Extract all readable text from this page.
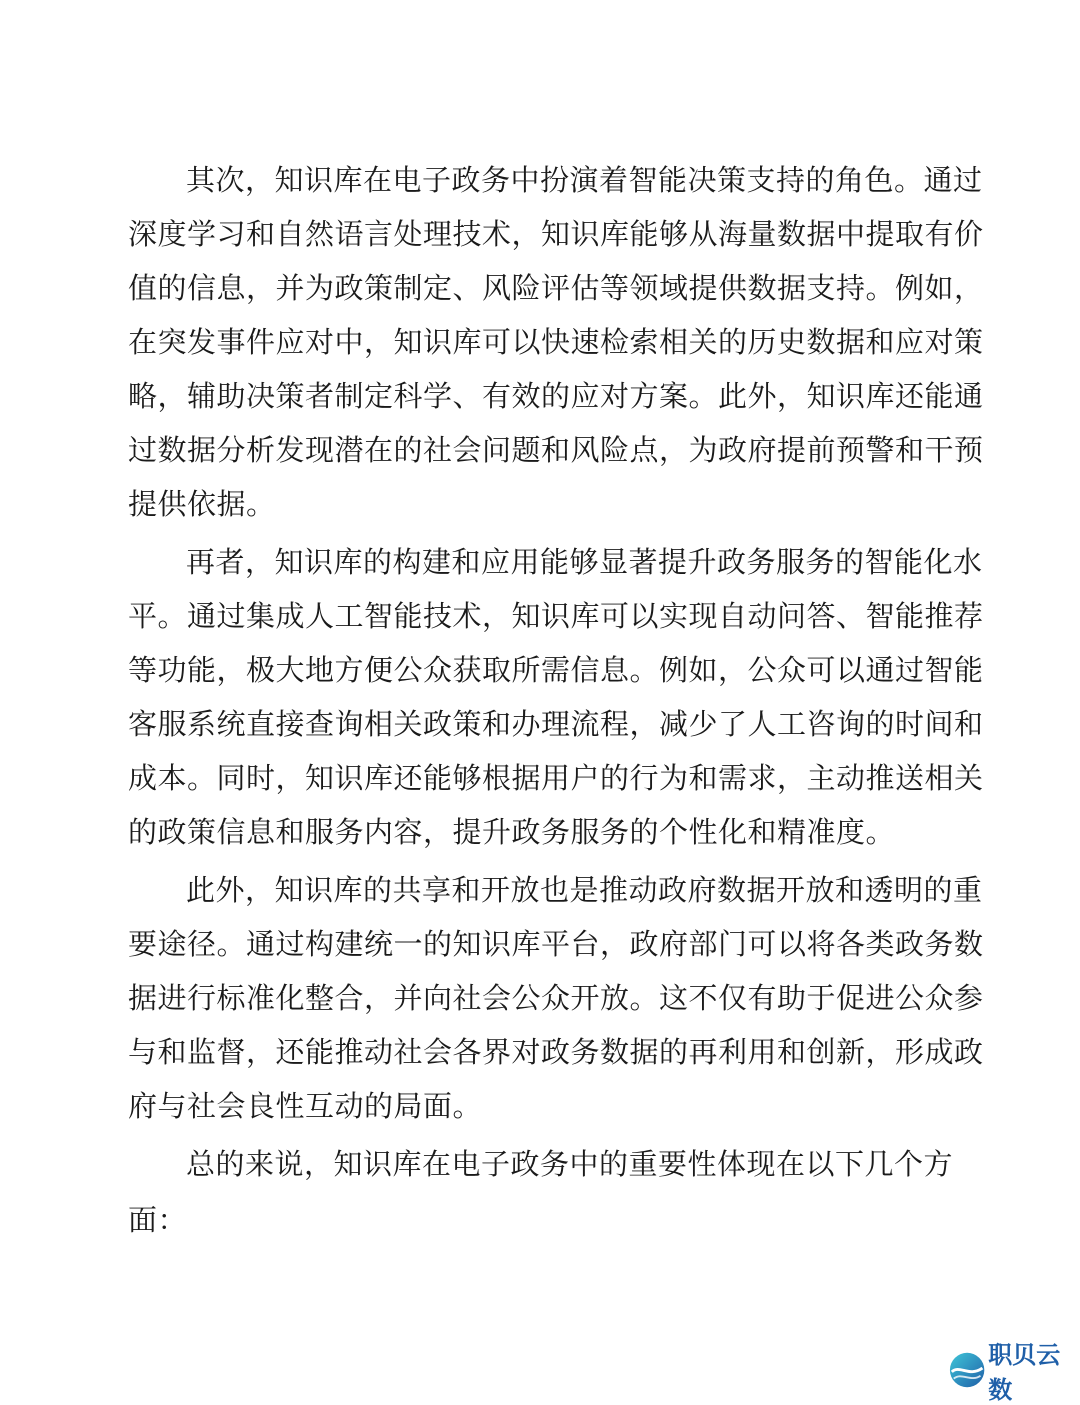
其次，知识库在电子政务中扮演着智能决策支持的角色。通过
深度学习和自然语言处理技术，知识库能够从海量数据中提取有价
值的信息，并为政策制定、风险评估等领域提供数据支持。例如，
在突发事件应对中，知识库可以快速检索相关的历史数据和应对策
略，辅助决策者制定科学、有效的应对方案。此外，知识库还能通
过数据分析发现潜在的社会问题和风险点，为政府提前预警和干预
提供依据。
再者，知识库的构建和应用能够显著提升政务服务的智能化水
平。通过集成人工智能技术，知识库可以实现自动问答、智能推荐
等功能，极大地方便公众获取所需信息。例如，公众可以通过智能
客服系统直接查询相关政策和办理流程，减少了人工咨询的时间和
成本。同时，知识库还能够根据用户的行为和需求，主动推送相关
的政策信息和服务内容，提升政务服务的个性化和精准度。
此外，知识库的共享和开放也是推动政府数据开放和透明的重
要途径。通过构建统一的知识库平台，政府部门可以将各类政务数
据进行标准化整合，并向社会公众开放。这不仅有助于促进公众参
与和监督，还能推动社会各界对政务数据的再利用和创新，形成政
府与社会良性互动的局面。
总的来说，知识库在电子政务中的重要性体现在以下几个方
面：
职贝云数
